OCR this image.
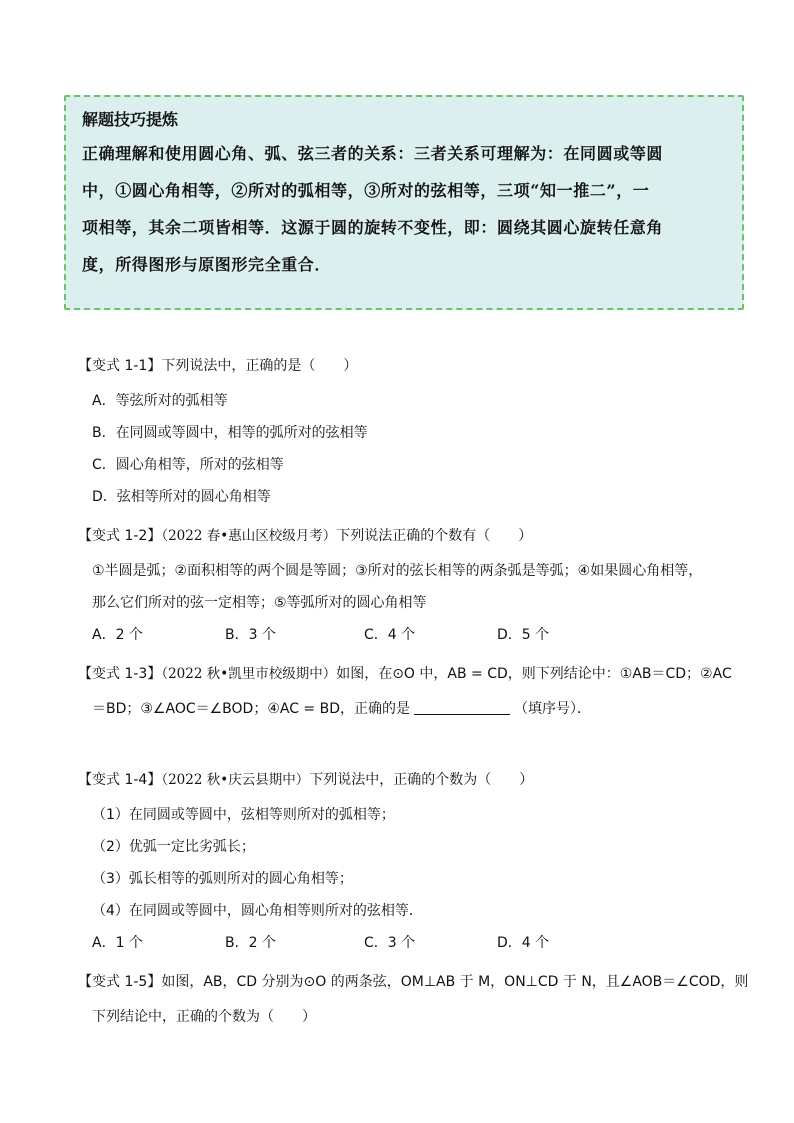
解题技巧提炼

正确理解和使用圆心角、弧、弦三者的关系：三者关系可理解为：在同圆或等圆

中，①圆心角相等，②所对的弧相等，③所对的弦相等，三项“知一推二”，一

项相等，其余二项皆相等．这源于圆的旋转不变性，即：圆绕其圆心旋转任意角

度，所得图形与原图形完全重合．

【变式 1-1】下列说法中，正确的是（　　）
A．等弦所对的弧相等
B．在同圆或等圆中，相等的弧所对的弦相等
C．圆心角相等，所对的弦相等
D．弦相等所对的圆心角相等
【变式 1-2】（2022 春•惠山区校级月考）下列说法正确的个数有（　　）
①半圆是弧；②面积相等的两个圆是等圆；③所对的弦长相等的两条弧是等弧；④如果圆心角相等，
那么它们所对的弦一定相等；⑤等弧所对的圆心角相等
A．2 个	B．3 个	C．4 个	D．5 个
【变式 1-3】（2022 秋•凯里市校级期中）如图，在⊙O 中，AB = CD，则下列结论中：①AB＝CD；②AC
＝BD；③∠AOC＝∠BOD；④AC = BD，正确的是	（填序号）．
【变式 1-4】（2022 秋•庆云县期中）下列说法中，正确的个数为（　　）
（1）在同圆或等圆中，弦相等则所对的弧相等；
（2）优弧一定比劣弧长；
（3）弧长相等的弧则所对的圆心角相等；
（4）在同圆或等圆中，圆心角相等则所对的弦相等．
A．1 个	B．2 个	C．3 个	D．4 个
【变式 1-5】如图，AB，CD 分别为⊙O 的两条弦，OM⊥AB 于 M，ON⊥CD 于 N，且∠AOB＝∠COD，则
下列结论中，正确的个数为（　　）
